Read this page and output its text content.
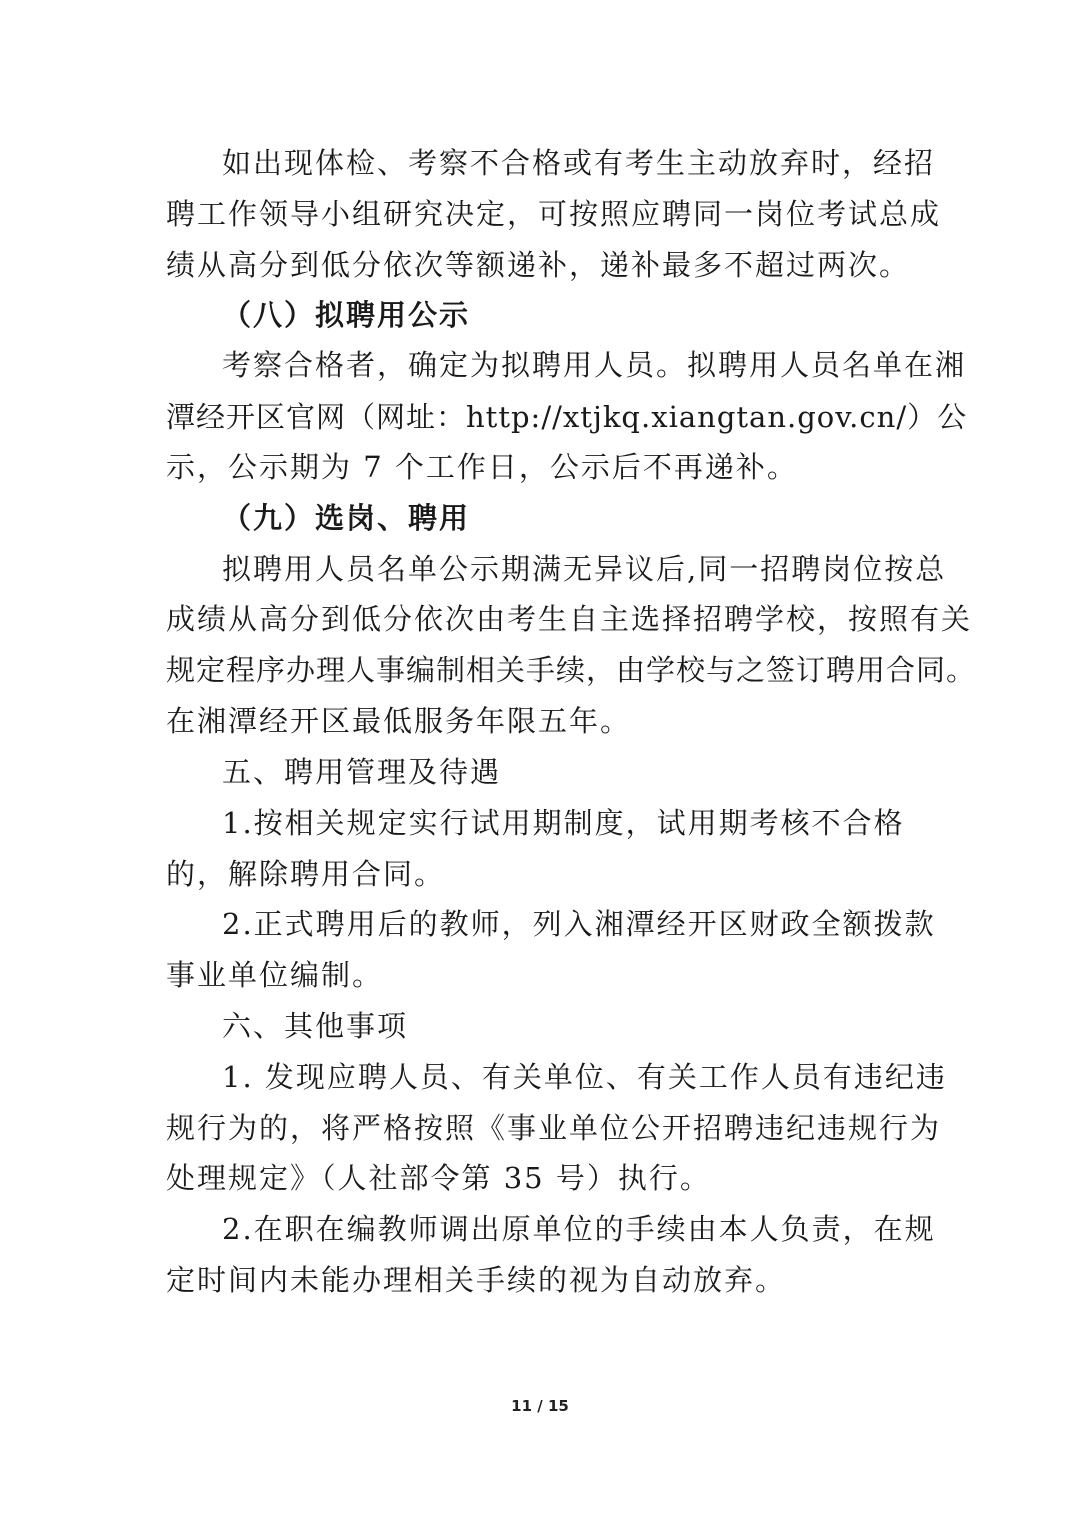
如出现体检、考察不合格或有考生主动放弃时，经招
聘工作领导小组研究决定，可按照应聘同一岗位考试总成
绩从高分到低分依次等额递补，递补最多不超过两次。
（八）拟聘用公示
考察合格者，确定为拟聘用人员。拟聘用人员名单在湘
潭经开区官网（网址：http://xtjkq.xiangtan.gov.cn/）公
示，公示期为 7 个工作日，公示后不再递补。
（九）选岗、聘用
拟聘用人员名单公示期满无异议后,同一招聘岗位按总
成绩从高分到低分依次由考生自主选择招聘学校，按照有关
规定程序办理人事编制相关手续，由学校与之签订聘用合同。
在湘潭经开区最低服务年限五年。
五、聘用管理及待遇
1.按相关规定实行试用期制度，试用期考核不合格
的，解除聘用合同。
2.正式聘用后的教师，列入湘潭经开区财政全额拨款
事业单位编制。
六、其他事项
1. 发现应聘人员、有关单位、有关工作人员有违纪违
规行为的，将严格按照《事业单位公开招聘违纪违规行为
处理规定》（人社部令第 35 号）执行。
2.在职在编教师调出原单位的手续由本人负责，在规
定时间内未能办理相关手续的视为自动放弃。
11 / 15
